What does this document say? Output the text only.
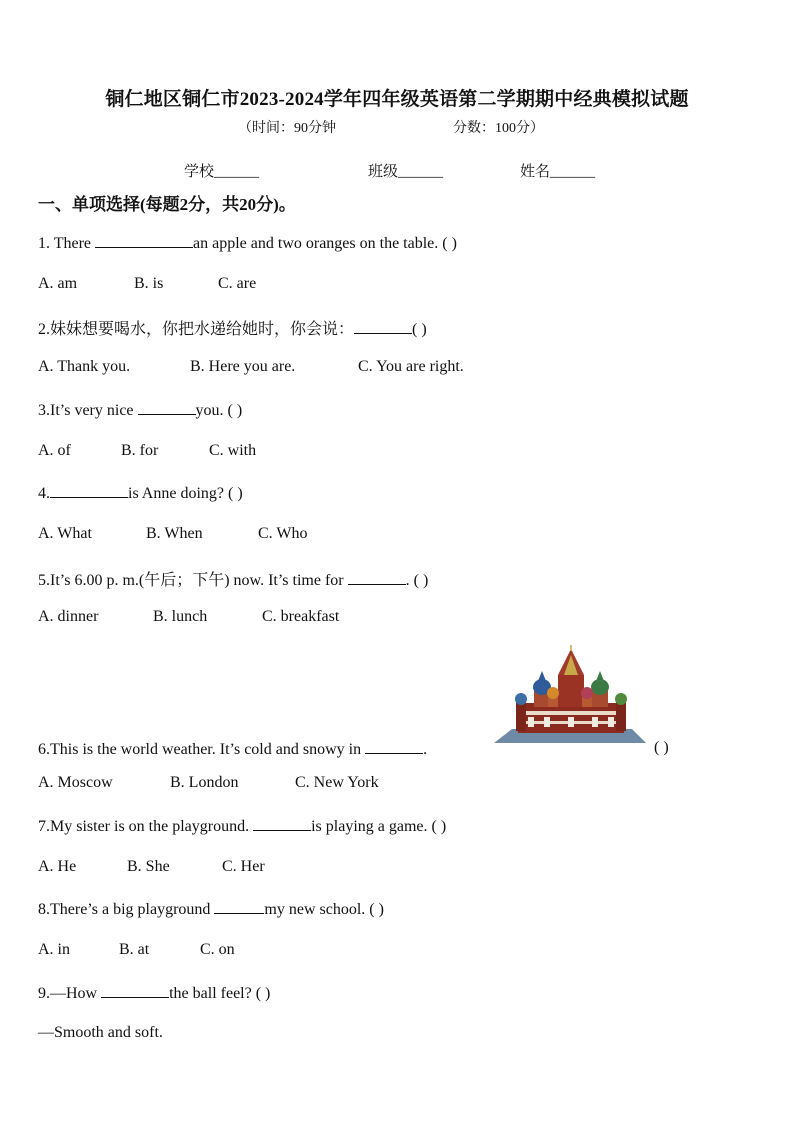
铜仁地区铜仁市2023-2024学年四年级英语第二学期期中经典模拟试题
（时间：90分钟	分数：100分）
学校______	班级______	姓名______
一、单项选择(每题2分，共20分)。
1. There	an apple and two oranges on the table. ( )
A. am	B. is	C. are
2.妹妹想要喝水，你把水递给她时，你会说：	( )
A. Thank you.	B. Here you are.	C. You are right.
3.It’s very nice	you. ( )
A. of	B. for	C. with
4.	is Anne doing? ( )
A. What	B. When	C. Who
5.It’s 6.00 p. m.(午后；下午) now. It’s time for	. ( )
A. dinner	B. lunch	C. breakfast
6.This is the world weather. It’s cold and snowy in	.	( )
A. Moscow	B. London	C. New York
7.My sister is on the playground.	is playing a game. ( )
A. He	B. She	C. Her
8.There’s a big playground	my new school. ( )
A. in	B. at	C. on
9.—How	the ball feel? ( )
—Smooth and soft.
